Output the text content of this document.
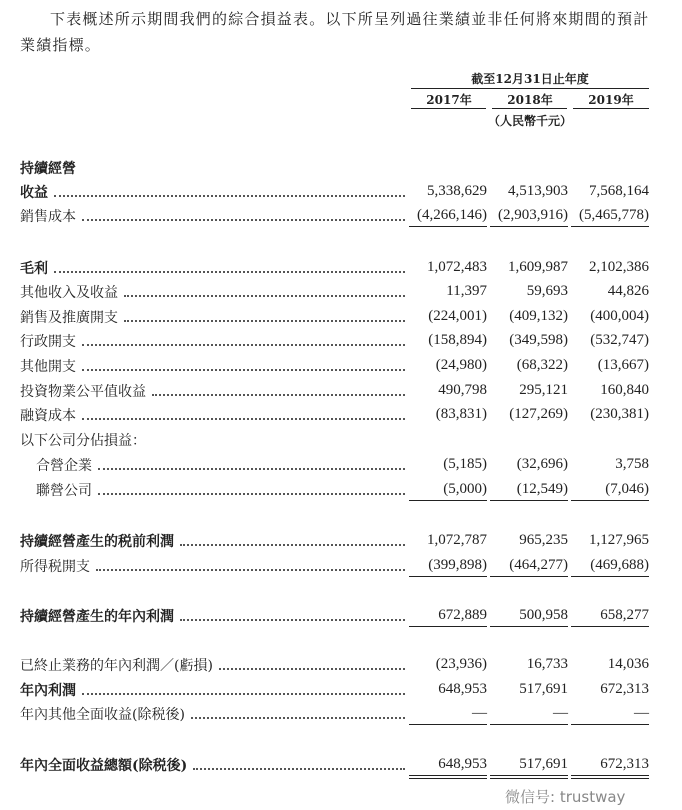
下表概述所示期間我們的綜合損益表。以下所呈列過往業績並非任何將來期間的預計
業績指標。
截至12月31日止年度
2017年	2018年	2019年
（人民幣千元）
持續經營
收益	5,338,629	4,513,903	7,568,164
銷售成本	(4,266,146) (2,903,916) (5,465,778)
毛利	1,072,483	1,609,987	2,102,386
其他收入及收益	11,397	59,693	44,826
銷售及推廣開支	(224,001)	(409,132)	(400,004)
行政開支	(158,894)	(349,598)	(532,747)
其他開支	(24,980)	(68,322)	(13,667)
投資物業公平值收益	490,798	295,121	160,840
融資成本	(83,831)	(127,269)	(230,381)
以下公司分佔損益：
合營企業	(5,185)	(32,696)	3,758
聯營公司	(5,000)	(12,549)	(7,046)
持續經營產生的税前利潤	1,072,787	965,235	1,127,965
所得税開支	(399,898)	(464,277)	(469,688)
持續經營產生的年內利潤	672,889	500,958	658,277
已終止業務的年內利潤／(虧損)	(23,936)	16,733	14,036
年內利潤	648,953	517,691	672,313
年內其他全面收益(除税後)	—	—	—
年內全面收益總額(除税後)	648,953	517,691	672,313
微信号: trustway
